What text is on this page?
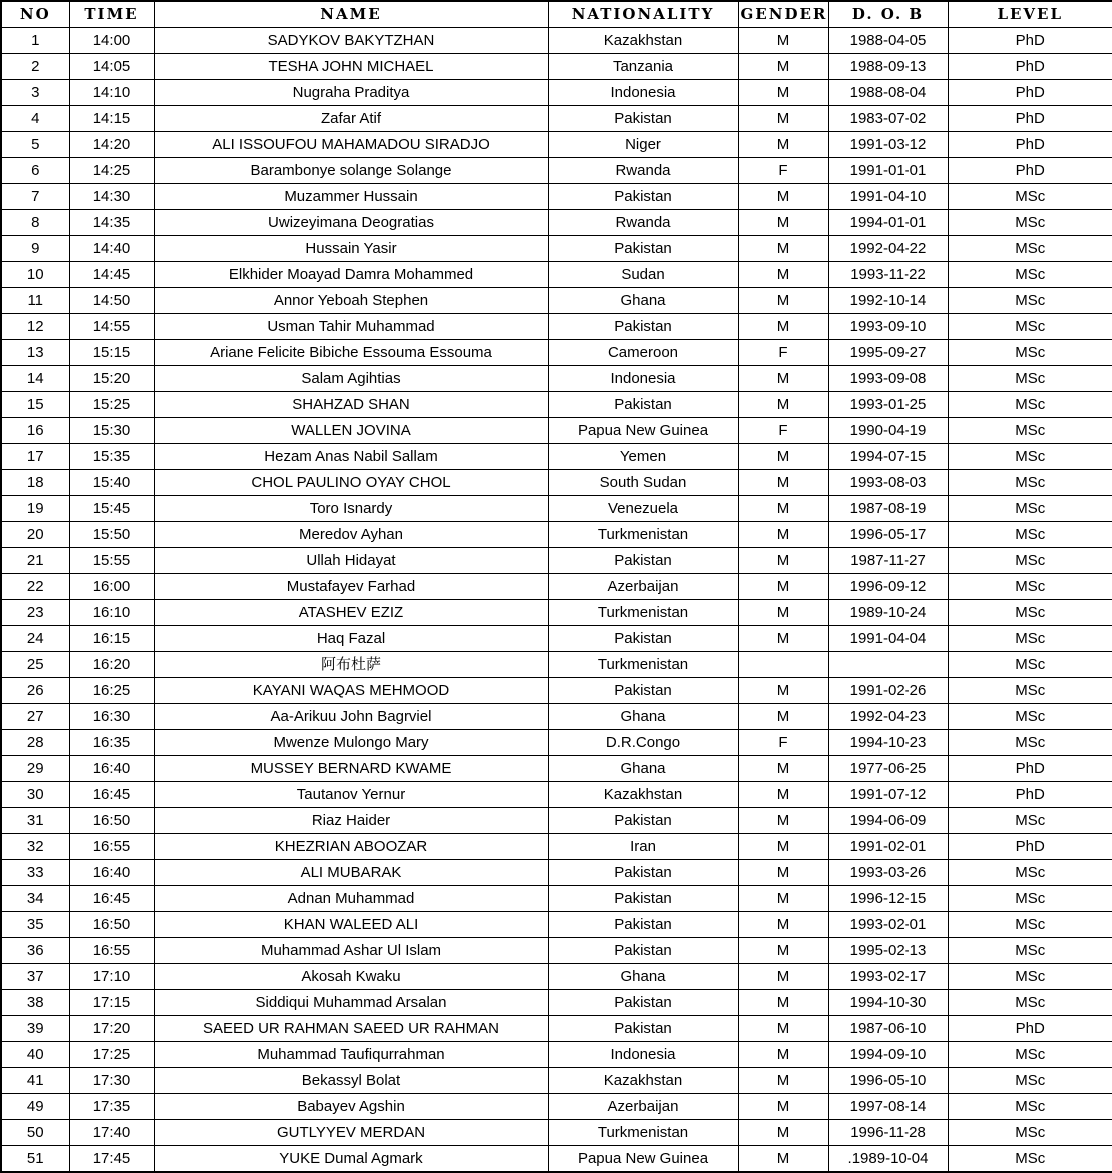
NO	TIME	NAME	NATIONALITY	GENDER	D. O. B	LEVEL
1	14:00	SADYKOV BAKYTZHAN	Kazakhstan	M	1988-04-05	PhD
2	14:05	TESHA JOHN MICHAEL	Tanzania	M	1988-09-13	PhD
3	14:10	Nugraha Praditya	Indonesia	M	1988-08-04	PhD
4	14:15	Zafar Atif	Pakistan	M	1983-07-02	PhD
5	14:20	ALI ISSOUFOU MAHAMADOU SIRADJO	Niger	M	1991-03-12	PhD
6	14:25	Barambonye solange Solange	Rwanda	F	1991-01-01	PhD
7	14:30	Muzammer Hussain	Pakistan	M	1991-04-10	MSc
8	14:35	Uwizeyimana Deogratias	Rwanda	M	1994-01-01	MSc
9	14:40	Hussain Yasir	Pakistan	M	1992-04-22	MSc
10	14:45	Elkhider Moayad Damra Mohammed	Sudan	M	1993-11-22	MSc
11	14:50	Annor Yeboah Stephen	Ghana	M	1992-10-14	MSc
12	14:55	Usman Tahir Muhammad	Pakistan	M	1993-09-10	MSc
13	15:15	Ariane Felicite Bibiche Essouma Essouma	Cameroon	F	1995-09-27	MSc
14	15:20	Salam Agihtias	Indonesia	M	1993-09-08	MSc
15	15:25	SHAHZAD SHAN	Pakistan	M	1993-01-25	MSc
16	15:30	WALLEN JOVINA	Papua New Guinea	F	1990-04-19	MSc
17	15:35	Hezam Anas Nabil Sallam	Yemen	M	1994-07-15	MSc
18	15:40	CHOL PAULINO OYAY CHOL	South Sudan	M	1993-08-03	MSc
19	15:45	Toro Isnardy	Venezuela	M	1987-08-19	MSc
20	15:50	Meredov Ayhan	Turkmenistan	M	1996-05-17	MSc
21	15:55	Ullah Hidayat	Pakistan	M	1987-11-27	MSc
22	16:00	Mustafayev Farhad	Azerbaijan	M	1996-09-12	MSc
23	16:10	ATASHEV EZIZ	Turkmenistan	M	1989-10-24	MSc
24	16:15	Haq Fazal	Pakistan	M	1991-04-04	MSc
25	16:20	阿布杜萨	Turkmenistan			MSc
26	16:25	KAYANI WAQAS MEHMOOD	Pakistan	M	1991-02-26	MSc
27	16:30	Aa-Arikuu John Bagrviel	Ghana	M	1992-04-23	MSc
28	16:35	Mwenze Mulongo Mary	D.R.Congo	F	1994-10-23	MSc
29	16:40	MUSSEY BERNARD KWAME	Ghana	M	1977-06-25	PhD
30	16:45	Tautanov Yernur	Kazakhstan	M	1991-07-12	PhD
31	16:50	Riaz Haider	Pakistan	M	1994-06-09	MSc
32	16:55	KHEZRIAN ABOOZAR	Iran	M	1991-02-01	PhD
33	16:40	ALI MUBARAK	Pakistan	M	1993-03-26	MSc
34	16:45	Adnan Muhammad	Pakistan	M	1996-12-15	MSc
35	16:50	KHAN WALEED ALI	Pakistan	M	1993-02-01	MSc
36	16:55	Muhammad Ashar Ul Islam	Pakistan	M	1995-02-13	MSc
37	17:10	Akosah Kwaku	Ghana	M	1993-02-17	MSc
38	17:15	Siddiqui Muhammad Arsalan	Pakistan	M	1994-10-30	MSc
39	17:20	SAEED UR RAHMAN SAEED UR RAHMAN	Pakistan	M	1987-06-10	PhD
40	17:25	Muhammad Taufiqurrahman	Indonesia	M	1994-09-10	MSc
41	17:30	Bekassyl Bolat	Kazakhstan	M	1996-05-10	MSc
49	17:35	Babayev Agshin	Azerbaijan	M	1997-08-14	MSc
50	17:40	GUTLYYEV MERDAN	Turkmenistan	M	1996-11-28	MSc
51	17:45	YUKE Dumal Agmark	Papua New Guinea	M	.1989-10-04	MSc
